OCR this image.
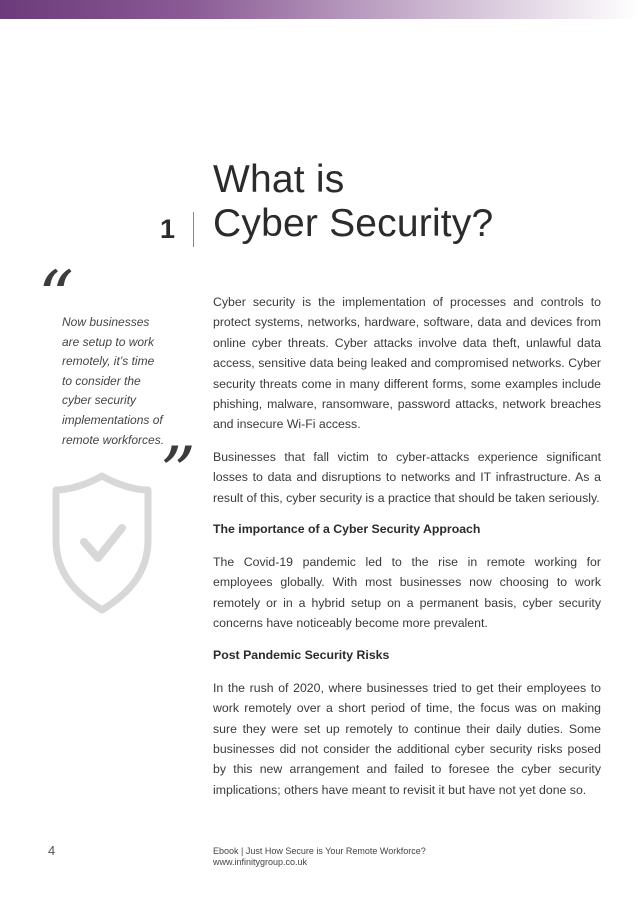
What is
Cyber Security?
1
“
Now businesses
are setup to work
remotely, it’s time
to consider the
cyber security
implementations of
remote workforces.
”

Cyber security is the implementation of processes and controls to protect systems, networks, hardware, software, data and devices from online cyber threats. Cyber attacks involve data theft, unlawful data access, sensitive data being leaked and compromised networks. Cyber security threats come in many different forms, some examples include phishing, malware, ransomware, password attacks, network breaches and insecure Wi-Fi access.

Businesses that fall victim to cyber-attacks experience significant losses to data and disruptions to networks and IT infrastructure. As a result of this, cyber security is a practice that should be taken seriously.

The importance of a Cyber Security Approach

The Covid-19 pandemic led to the rise in remote working for employees globally. With most businesses now choosing to work remotely or in a hybrid setup on a permanent basis, cyber security concerns have noticeably become more prevalent.

Post Pandemic Security Risks

In the rush of 2020, where businesses tried to get their employees to work remotely over a short period of time, the focus was on making sure they were set up remotely to continue their daily duties. Some businesses did not consider the additional cyber security risks posed by this new arrangement and failed to foresee the cyber security implications; others have meant to revisit it but have not yet done so.

4	Ebook | Just How Secure is Your Remote Workforce?
www.infinitygroup.co.uk
